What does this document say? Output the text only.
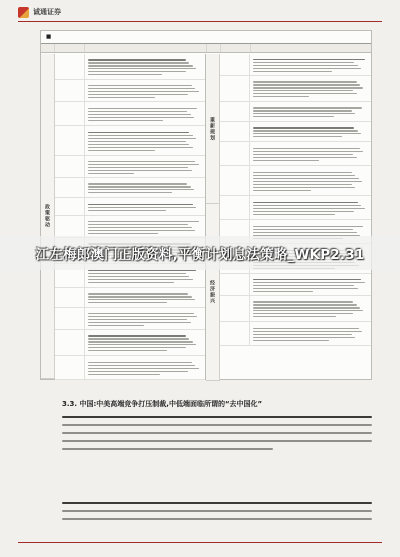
诚通证券
■
政策驱动
重新规划
经济振兴
江左梅郎澳门正版资料,平衡计划息法策略_WKP2.31
3.3. 中国:中美高端竞争打压制裁,中低端面临所谓的“去中国化”
